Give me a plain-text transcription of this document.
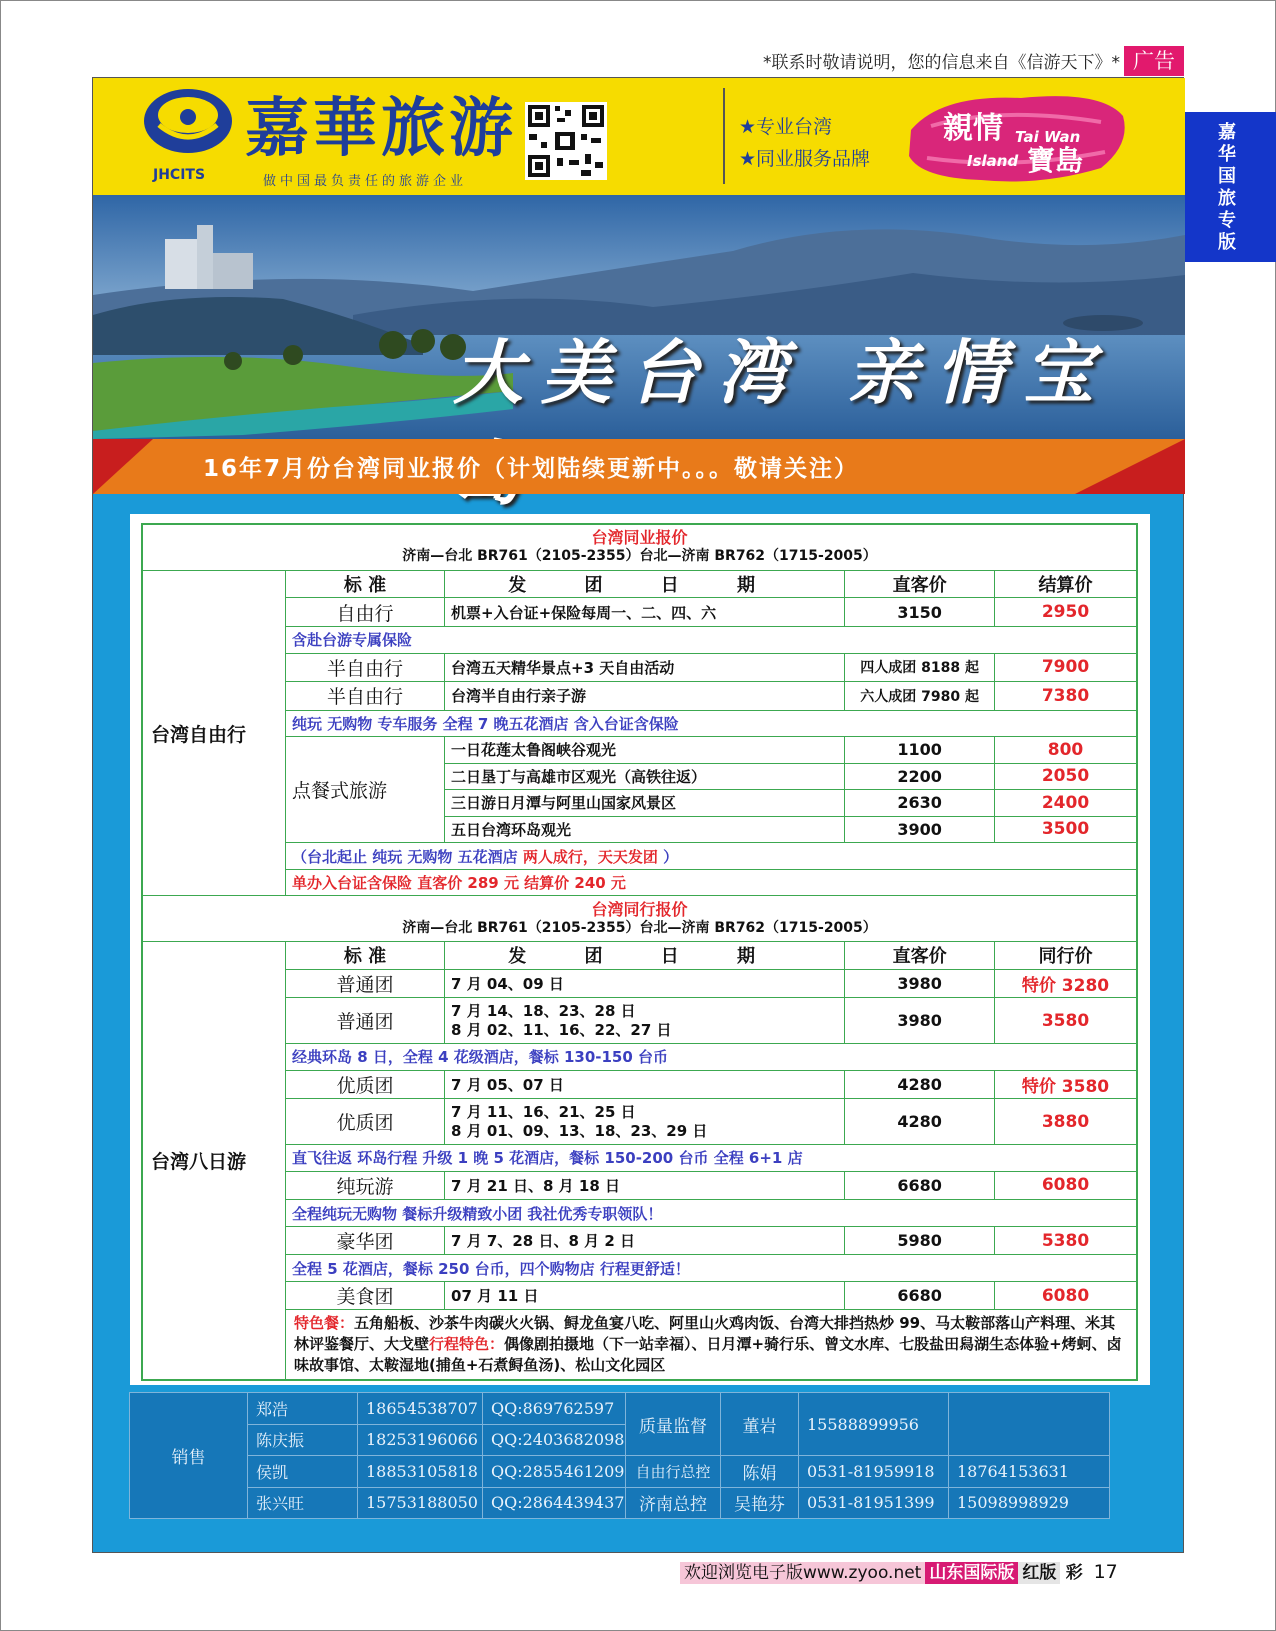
*联系时敬请说明，您的信息来自《信游天下》* 广告
嘉华国旅专版
JHCITS
嘉華旅游
做中国最负责任的旅游企业
★专业台湾
★同业服务品牌
親情 Tai Wan
Island 寶島
大美台湾 亲情宝
16年7月份台湾同业报价（计划陆续更新中。。。敬请关注）
台湾同业报价
济南—台北 BR761（2105-2355）台北—济南 BR762（1715-2005）				

台湾自由行	标 准	发 团 日 期	直客价	结算价
	自由行	机票+入台证+保险每周一、二、四、六	3150	2950
	含赴台游专属保险			
	半自由行	台湾五天精华景点+3 天自由活动	四人成团 8188 起	7900
	半自由行	台湾半自由行亲子游	六人成团 7980 起	7380
	纯玩 无购物 专车服务 全程 7 晚五花酒店 含入台证含保险			
	点餐式旅游	一日花莲太鲁阁峡谷观光	1100	800
		二日垦丁与高雄市区观光（高铁往返）	2200	2050
		三日游日月潭与阿里山国家风景区	2630	2400
		五日台湾环岛观光	3900	3500
	（台北起止 纯玩 无购物 五花酒店 两人成行，天天发团 ）			
	单办入台证含保险 直客价 289 元 结算价 240 元			

台湾同行报价
济南—台北 BR761（2105-2355）台北—济南 BR762（1715-2005）				

台湾八日游	标 准	发 团 日 期	直客价	同行价
	普通团	7 月 04、09 日	3980	特价 3280
	普通团	7 月 14、18、23、28 日
8 月 02、11、16、22、27 日	3980	3580
	经典环岛 8 日，全程 4 花级酒店，餐标 130-150 台币			
	优质团	7 月 05、07 日	4280	特价 3580
	优质团	7 月 11、16、21、25 日
8 月 01、09、13、18、23、29 日	4280	3880
	直飞往返 环岛行程 升级 1 晚 5 花酒店，餐标 150-200 台币 全程 6+1 店			
	纯玩游	7 月 21 日、8 月 18 日	6680	6080
	全程纯玩无购物 餐标升级精致小团 我社优秀专职领队！			
	豪华团	7 月 7、28 日、8 月 2 日	5980	5380
	全程 5 花酒店，餐标 250 台币，四个购物店 行程更舒适！			
	美食团	07 月 11 日	6680	6080
	特色餐：五角船板、沙茶牛肉碳火火锅、鲟龙鱼宴八吃、阿里山火鸡肉饭、台湾大排挡热炒 99、马太鞍部落山产料理、米其林评鉴餐厅、大戈壁行程特色：偶像剧拍摄地（下一站幸福）、日月潭+骑行乐、曾文水库、七股盐田舄湖生态体验+烤蚵、卤味故事馆、太鞍湿地(捕鱼+石煮鲟鱼汤)、松山文化园区			
销售	郑浩	18654538707	QQ:869762597	质量监督	董岩	15588899956	
	陈庆振	18253196066	QQ:2403682098				
	侯凯	18853105818	QQ:2855461209	自由行总控	陈娟	0531-81959918	18764153631
	张兴旺	15753188050	QQ:2864439437	济南总控	吴艳芬	0531-81951399	15098998929
欢迎浏览电子版www.zyoo.net 山东国际版 红版 彩 17
